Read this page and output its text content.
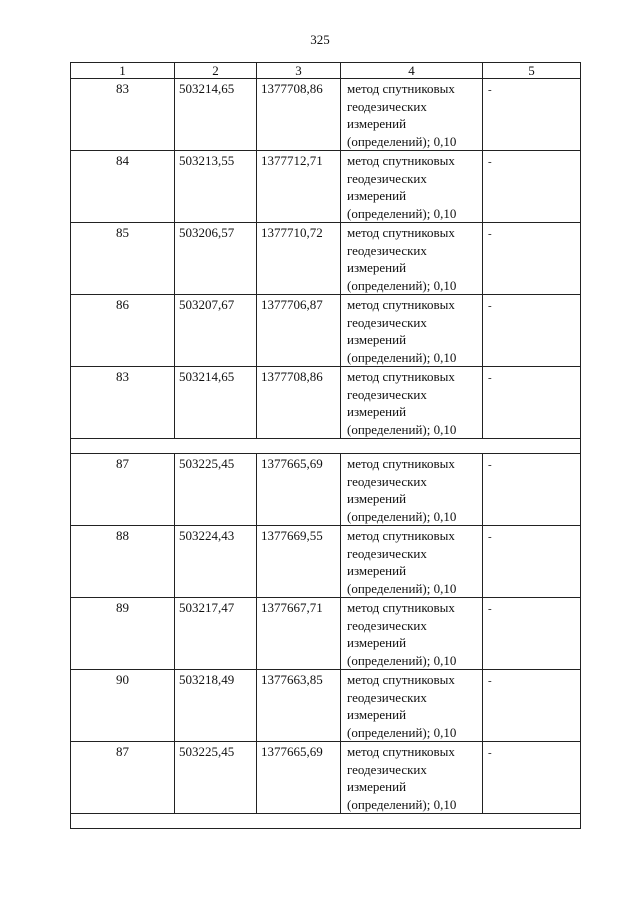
325
1	2	3	4	5
83	503214,65	1377708,86	метод спутниковых
геодезических
измерений
(определений); 0,10	-
84	503213,55	1377712,71	метод спутниковых
геодезических
измерений
(определений); 0,10	-
85	503206,57	1377710,72	метод спутниковых
геодезических
измерений
(определений); 0,10	-
86	503207,67	1377706,87	метод спутниковых
геодезических
измерений
(определений); 0,10	-
83	503214,65	1377708,86	метод спутниковых
геодезических
измерений
(определений); 0,10	-

87	503225,45	1377665,69	метод спутниковых
геодезических
измерений
(определений); 0,10	-
88	503224,43	1377669,55	метод спутниковых
геодезических
измерений
(определений); 0,10	-
89	503217,47	1377667,71	метод спутниковых
геодезических
измерений
(определений); 0,10	-
90	503218,49	1377663,85	метод спутниковых
геодезических
измерений
(определений); 0,10	-
87	503225,45	1377665,69	метод спутниковых
геодезических
измерений
(определений); 0,10	-
